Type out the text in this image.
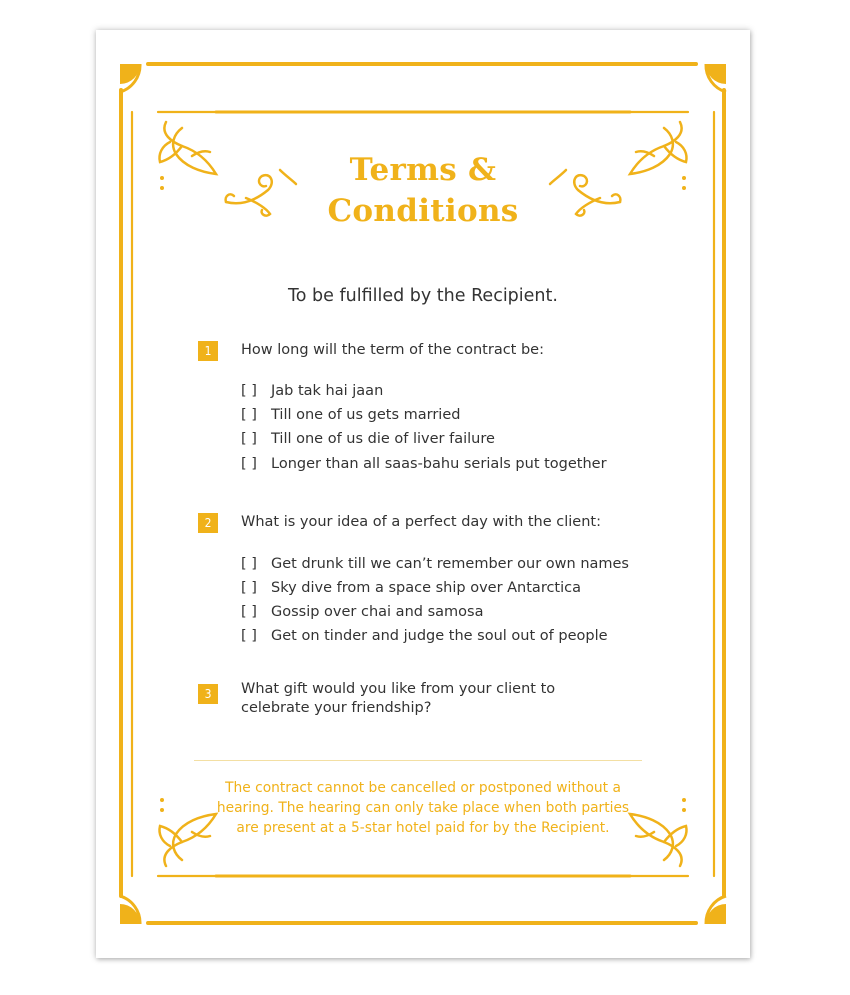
Terms &
Conditions
To be fulfilled by the Recipient.
1	How long will the term of the contract be:
[ ] Jab tak hai jaan
[ ] Till one of us gets married
[ ] Till one of us die of liver failure
[ ] Longer than all saas-bahu serials put together
2	What is your idea of a perfect day with the client:
[ ] Get drunk till we can’t remember our own names
[ ] Sky dive from a space ship over Antarctica
[ ] Gossip over chai and samosa
[ ] Get on tinder and judge the soul out of people
3	What gift would you like from your client to celebrate your friendship?
The contract cannot be cancelled or postponed without a hearing. The hearing can only take place when both parties are present at a 5-star hotel paid for by the Recipient.
